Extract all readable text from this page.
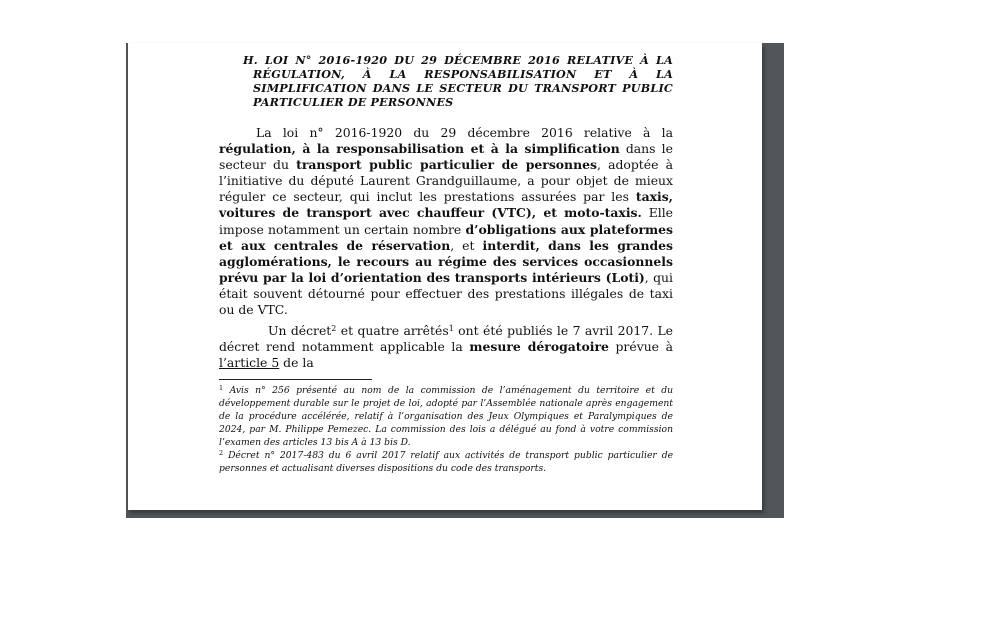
H. LOI N° 2016-1920 DU 29 DÉCEMBRE 2016 RELATIVE À LA RÉGULATION, À LA RESPONSABILISATION ET À LA SIMPLIFICATION DANS LE SECTEUR DU TRANSPORT PUBLIC PARTICULIER DE PERSONNES

La loi n° 2016-1920 du 29 décembre 2016 relative à la régulation, à la responsabilisation et à la simplification dans le secteur du transport public particulier de personnes, adoptée à l’initiative du député Laurent Grandguillaume, a pour objet de mieux réguler ce secteur, qui inclut les prestations assurées par les taxis, voitures de transport avec chauffeur (VTC), et moto-taxis. Elle impose notamment un certain nombre d’obligations aux plateformes et aux centrales de réservation, et interdit, dans les grandes agglomérations, le recours au régime des services occasionnels prévu par la loi d’orientation des transports intérieurs (Loti), qui était souvent détourné pour effectuer des prestations illégales de taxi ou de VTC.

Un décret$^2$ et quatre arrêtés$^1$ ont été publiés le 7 avril 2017. Le décret rend notamment applicable la mesure dérogatoire prévue à l’article 5 de la

$^1$ Avis n° 256 présenté au nom de la commission de l’aménagement du territoire et du développement durable sur le projet de loi, adopté par l’Assemblée nationale après engagement de la procédure accélérée, relatif à l’organisation des Jeux Olympiques et Paralympiques de 2024, par M. Philippe Pemezec. La commission des lois a délégué au fond à votre commission l’examen des articles 13 bis A à 13 bis D.

$^2$ Décret n° 2017-483 du 6 avril 2017 relatif aux activités de transport public particulier de personnes et actualisant diverses dispositions du code des transports.
